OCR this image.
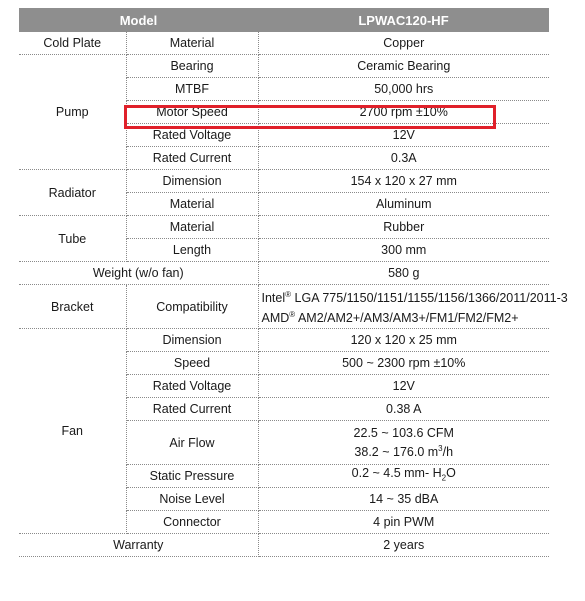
Model		LPWAC120-HF
Cold Plate	Material	Copper
Pump	Bearing	Ceramic Bearing
	MTBF	50,000 hrs
	Motor Speed	2700 rpm ±10%
	Rated Voltage	12V
	Rated Current	0.3A
Radiator	Dimension	154 x 120 x 27 mm
	Material	Aluminum
Tube	Material	Rubber
	Length	300 mm
Weight (w/o fan)		580 g
Bracket	Compatibility	Intel® LGA 775/1150/1151/1155/1156/1366/2011/2011-3
AMD® AM2/AM2+/AM3/AM3+/FM1/FM2/FM2+

Fan	Dimension	120 x 120 x 25 mm
	Speed	500 ~ 2300 rpm ±10%
	Rated Voltage	12V
	Rated Current	0.38 A
	Air Flow	22.5 ~ 103.6 CFM
38.2 ~ 176.0 $m^3/h$

	Static Pressure	0.2 ~ 4.5 mm- $H_2O$
	Noise Level	14 ~ 35 dBA
	Connector	4 pin PWM
Warranty		2 years
